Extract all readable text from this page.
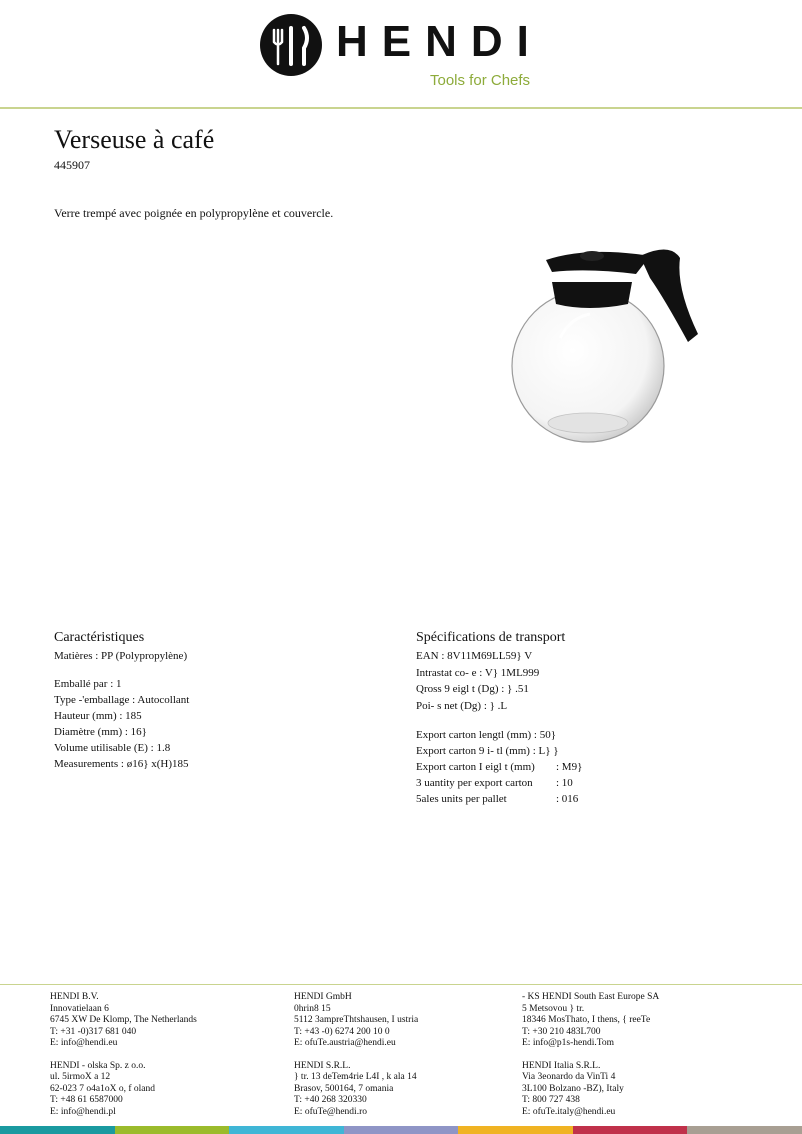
HENDI
Tools for Chefs
Verseuse à café
445907
Verre trempé avec poignée en polypropylène et couvercle.
Caractéristiques
Matières : PP (Polypropylène)
Emballé par : 1
Type -'emballage : Autocollant
Hauteur (mm) : 185
Diamètre (mm) : 16}
Volume utilisable (E) : 1.8
Measurements : ø16} x(H)185
Spécifications de transport
EAN : 8V11M69LL59} V
Intrastat co- e : V} 1ML999
Qross 9 eigl t (Dg) : } .51
Poi- s net (Dg) : } .L
Export carton lengtl (mm) : 50}
Export carton 9 i- tl (mm) : L} }
Export carton I eigl t (mm) : M9}
3 uantity per export carton : 10
5ales units per pallet	: 016
HENDI B.V.
Innovatielaan 6
6745 XW De Klomp, The Netherlands
T: +31 -0)317 681 040
E: info@hendi.eu
HENDI - olska Sp. z o.o.
ul. 5irmoX a 12
62-023 7 o4a1oX o, f oland
T: +48 61 6587000
E: info@hendi.pl
HENDI GmbH
0hrin8 15
5112 3ampreThtshausen, I ustria
T: +43 -0) 6274 200 10 0
E: ofuTe.austria@hendi.eu
HENDI S.R.L.
} tr. 13 deTem4rie L4I , k ala 14
Brasov, 500164, 7 omania
T: +40 268 320330
E: ofuTe@hendi.ro
- KS HENDI South East Europe SA
5 Metsovou } tr.
18346 MosThato, I thens, { reeTe
T: +30 210 483L700
E: info@p1s-hendi.Tom
HENDI Italia S.R.L.
Via 3eonardo da VinTi 4
3L100 Bolzano -BZ), Italy
T: 800 727 438
E: ofuTe.italy@hendi.eu
